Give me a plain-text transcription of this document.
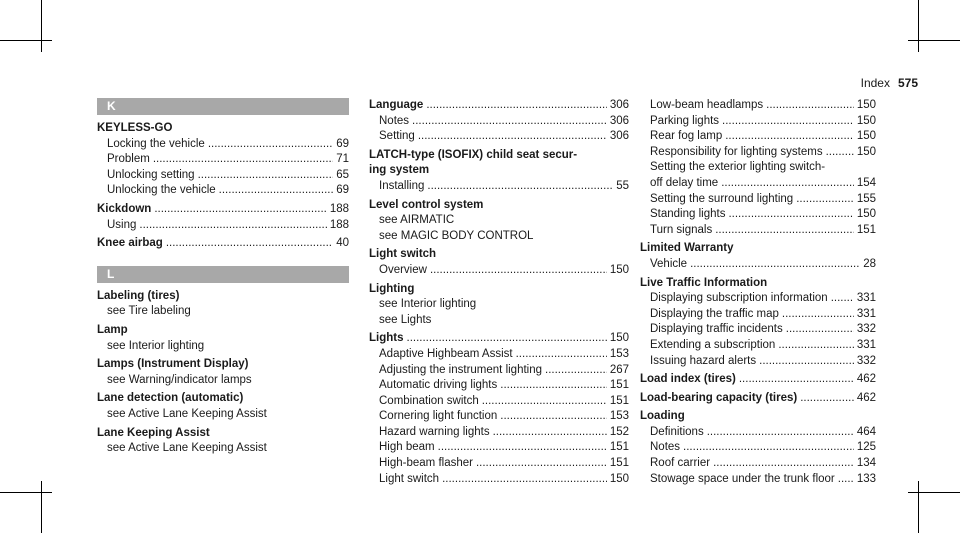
Index 575
K
KEYLESS-GO
Locking the vehicle .....	69
Problem .....	71
Unlocking setting .....	65
Unlocking the vehicle .....	69
Kickdown .....	188
Using .....	188
Knee airbag .....	40
L
Labeling (tires)
see Tire labeling
Lamp
see Interior lighting
Lamps (Instrument Display)
see Warning/indicator lamps
Lane detection (automatic)
see Active Lane Keeping Assist
Lane Keeping Assist
see Active Lane Keeping Assist
Language .....	306
Notes .....	306
Setting .....	306
LATCH-type (ISOFIX) child seat secur-
ing system
Installing .....	55
Level control system
see AIRMATIC
see MAGIC BODY CONTROL
Light switch
Overview .....	150
Lighting
see Interior lighting
see Lights
Lights .....	150
Adaptive Highbeam Assist .....	153
Adjusting the instrument lighting .....	267
Automatic driving lights .....	151
Combination switch .....	151
Cornering light function .....	153
Hazard warning lights .....	152
High beam .....	151
High-beam flasher .....	151
Light switch .....	150
Low-beam headlamps .....	150
Parking lights .....	150
Rear fog lamp .....	150
Responsibility for lighting systems .....	150
Setting the exterior lighting switch-
off delay time .....	154
Setting the surround lighting .....	155
Standing lights .....	150
Turn signals .....	151
Limited Warranty
Vehicle .....	28
Live Traffic Information
Displaying subscription information .....	331
Displaying the traffic map .....	331
Displaying traffic incidents .....	332
Extending a subscription .....	331
Issuing hazard alerts .....	332
Load index (tires) .....	462
Load-bearing capacity (tires) .....	462
Loading
Definitions .....	464
Notes .....	125
Roof carrier .....	134
Stowage space under the trunk floor ..... 133
